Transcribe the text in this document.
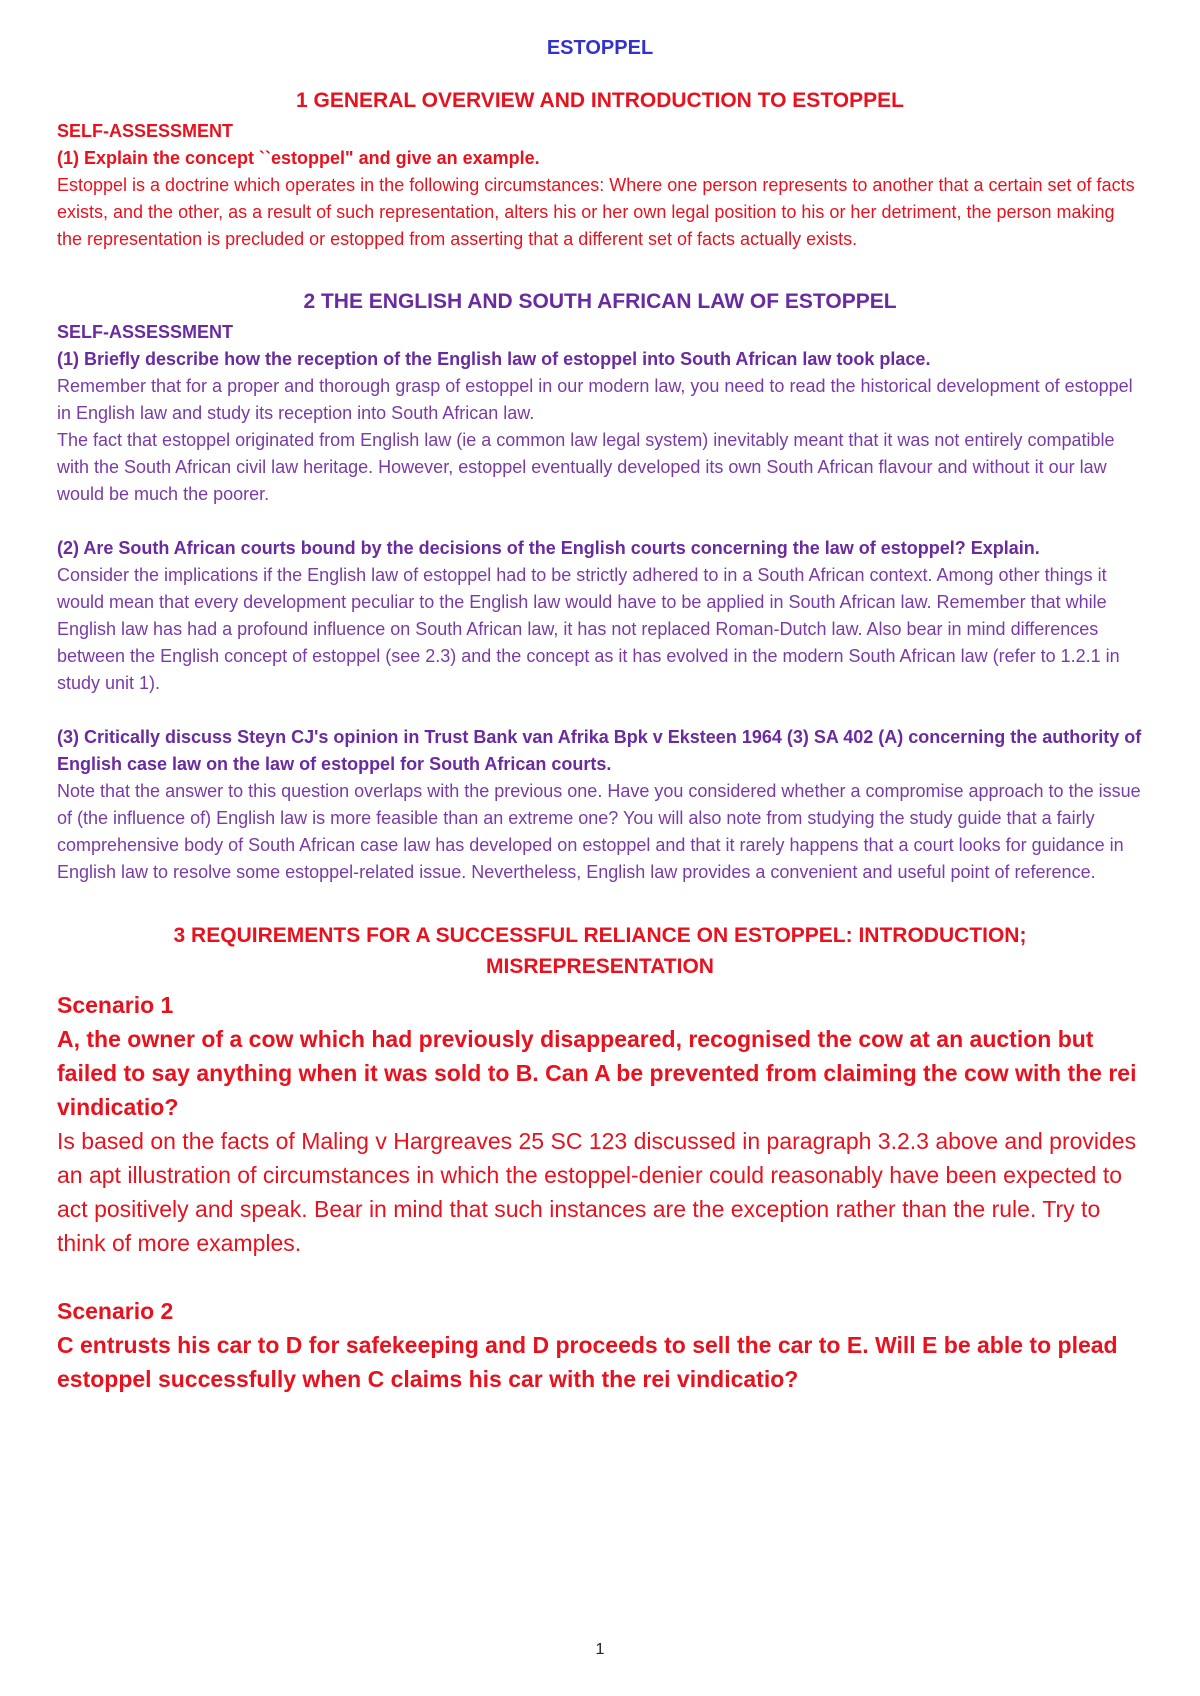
ESTOPPEL
1 GENERAL OVERVIEW AND INTRODUCTION TO ESTOPPEL

SELF-ASSESSMENT

(1) Explain the concept ``estoppel" and give an example.

Estoppel is a doctrine which operates in the following circumstances: Where one person represents to another that a certain set of facts exists, and the other, as a result of such representation, alters his or her own legal position to his or her detriment, the person making the representation is precluded or estopped from asserting that a different set of facts actually exists.

2 THE ENGLISH AND SOUTH AFRICAN LAW OF ESTOPPEL

SELF-ASSESSMENT

(1) Briefly describe how the reception of the English law of estoppel into South African law took place.

Remember that for a proper and thorough grasp of estoppel in our modern law, you need to read the historical development of estoppel in English law and study its reception into South African law.

The fact that estoppel originated from English law (ie a common law legal system) inevitably meant that it was not entirely compatible with the South African civil law heritage. However, estoppel eventually developed its own South African flavour and without it our law would be much the poorer.

(2) Are South African courts bound by the decisions of the English courts concerning the law of estoppel? Explain.

Consider the implications if the English law of estoppel had to be strictly adhered to in a South African context. Among other things it would mean that every development peculiar to the English law would have to be applied in South African law. Remember that while English law has had a profound influence on South African law, it has not replaced Roman-Dutch law. Also bear in mind differences between the English concept of estoppel (see 2.3) and the concept as it has evolved in the modern South African law (refer to 1.2.1 in study unit 1).

(3) Critically discuss Steyn CJ's opinion in Trust Bank van Afrika Bpk v Eksteen 1964 (3) SA 402 (A) concerning the authority of English case law on the law of estoppel for South African courts.

Note that the answer to this question overlaps with the previous one. Have you considered whether a compromise approach to the issue of (the influence of) English law is more feasible than an extreme one? You will also note from studying the study guide that a fairly comprehensive body of South African case law has developed on estoppel and that it rarely happens that a court looks for guidance in English law to resolve some estoppel-related issue. Nevertheless, English law provides a convenient and useful point of reference.

3 REQUIREMENTS FOR A SUCCESSFUL RELIANCE ON ESTOPPEL: INTRODUCTION;
MISREPRESENTATION

Scenario 1

A, the owner of a cow which had previously disappeared, recognised the cow at an auction but failed to say anything when it was sold to B. Can A be prevented from claiming the cow with the rei vindicatio?

Is based on the facts of Maling v Hargreaves 25 SC 123 discussed in paragraph 3.2.3 above and provides an apt illustration of circumstances in which the estoppel-denier could reasonably have been expected to act positively and speak. Bear in mind that such instances are the exception rather than the rule. Try to think of more examples.

Scenario 2

C entrusts his car to D for safekeeping and D proceeds to sell the car to E. Will E be able to plead estoppel successfully when C claims his car with the rei vindicatio?

1
